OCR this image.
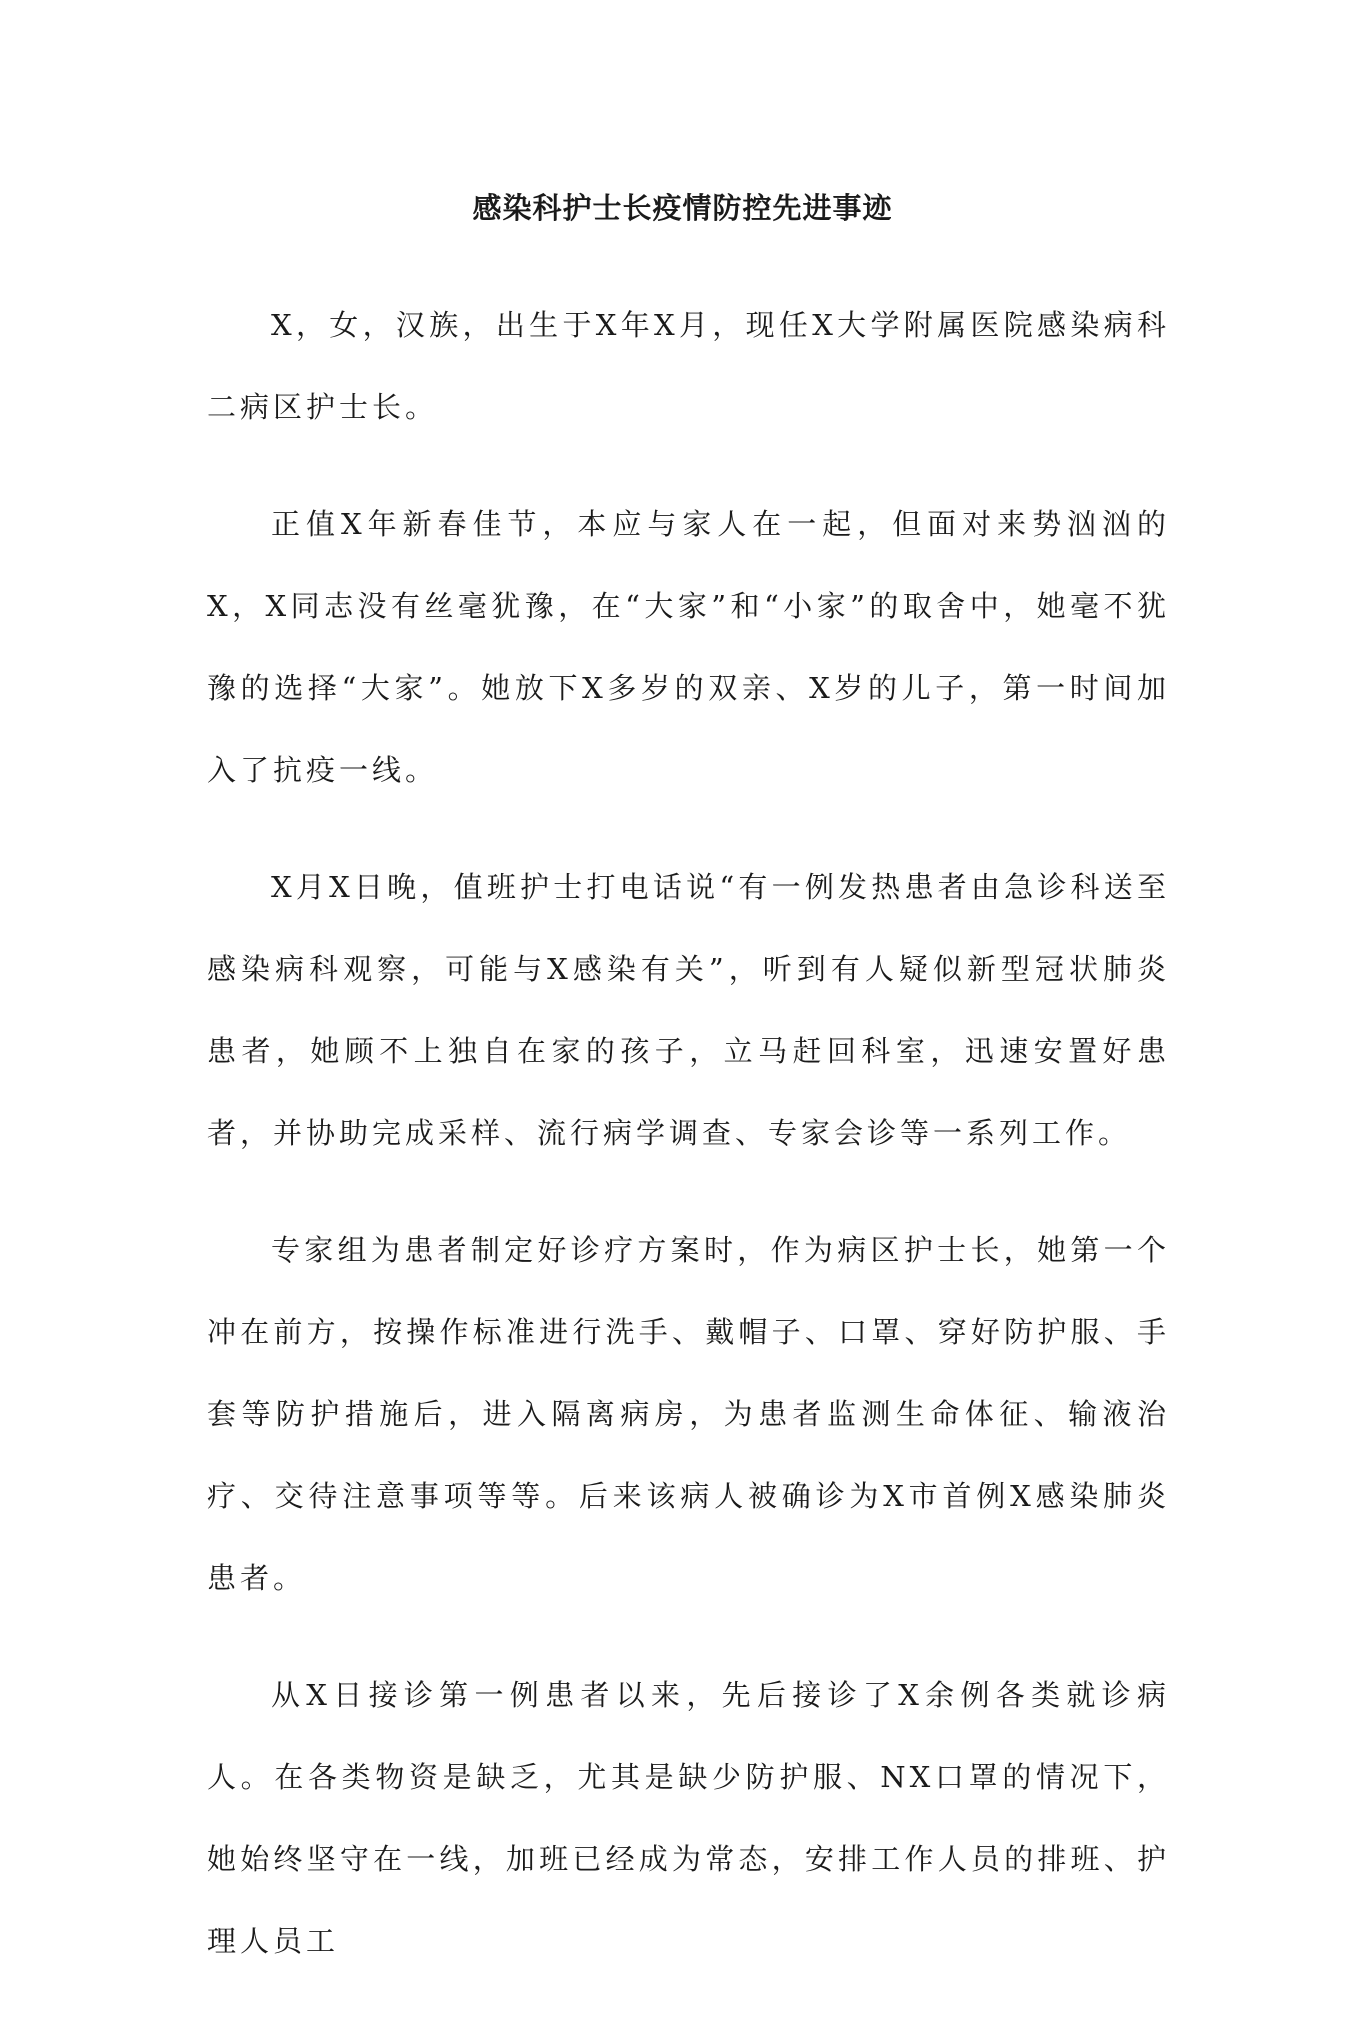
感染科护士长疫情防控先进事迹

X，女，汉族，出生于X年X月，现任X大学附属医院感染病科二病区护士长。

正值X年新春佳节，本应与家人在一起，但面对来势汹汹的X，X同志没有丝毫犹豫，在“大家”和“小家”的取舍中，她毫不犹豫的选择“大家”。她放下X多岁的双亲、X岁的儿子，第一时间加入了抗疫一线。

X月X日晚，值班护士打电话说“有一例发热患者由急诊科送至感染病科观察，可能与X感染有关”，听到有人疑似新型冠状肺炎患者，她顾不上独自在家的孩子，立马赶回科室，迅速安置好患者，并协助完成采样、流行病学调查、专家会诊等一系列工作。

专家组为患者制定好诊疗方案时，作为病区护士长，她第一个冲在前方，按操作标准进行洗手、戴帽子、口罩、穿好防护服、手套等防护措施后，进入隔离病房，为患者监测生命体征、输液治疗、交待注意事项等等。后来该病人被确诊为X市首例X感染肺炎患者。

从X日接诊第一例患者以来，先后接诊了X余例各类就诊病人。在各类物资是缺乏，尤其是缺少防护服、NX口罩的情况下，她始终坚守在一线，加班已经成为常态，安排工作人员的排班、护理人员工
